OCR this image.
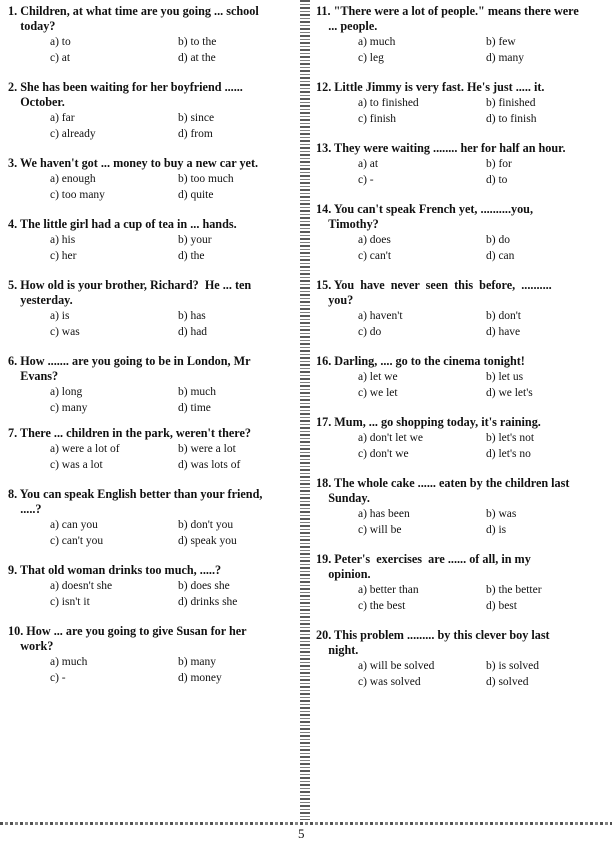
1. Children, at what time are you going ... school
today?

a) to	b) to the
c) at	d) at the

2. She has been waiting for her boyfriend ......
October.

a) far	b) since
c) already	d) from

3. We haven't got ... money to buy a new car yet.

a) enough	b) too much
c) too many	d) quite

4. The little girl had a cup of tea in ... hands.

a) his	b) your
c) her	d) the

5. How old is your brother, Richard?  He ... ten
yesterday.

a) is	b) has
c) was	d) had

6. How ....... are you going to be in London, Mr
Evans?

a) long	b) much
c) many	d) time

7. There ... children in the park, weren't there?

a) were a lot of	b) were a lot
c) was a lot	d) was lots of

8. You can speak English better than your friend,
.....?

a) can you	b) don't you
c) can't you	d) speak you

9. That old woman drinks too much, .....?

a) doesn't she	b) does she
c) isn't it	d) drinks she

10. How ... are you going to give Susan for her
work?

a) much	b) many
c) -	d) money

11. "There were a lot of people." means there were
... people.

a) much	b) few
c) leg	d) many

12. Little Jimmy is very fast. He's just ..... it.

a) to finished	b) finished
c) finish	d) to finish

13. They were waiting ........ her for half an hour.

a) at	b) for
c) -	d) to

14. You can't speak French yet, ..........you,
Timothy?

a) does	b) do
c) can't	d) can

15. You  have  never  seen  this  before,  ..........
you?

a) haven't	b) don't
c) do	d) have

16. Darling, .... go to the cinema tonight!

a) let we	b) let us
c) we let	d) we let's

17. Mum, ... go shopping today, it's raining.

a) don't let we	b) let's not
c) don't we	d) let's no

18. The whole cake ...... eaten by the children last
Sunday.

a) has been	b) was
c) will be	d) is

19. Peter's  exercises  are ...... of all, in my
opinion.

a) better than	b) the better
c) the best	d) best

20. This problem ......... by this clever boy last
night.

a) will be solved	b) is solved
c) was solved	d) solved
5
